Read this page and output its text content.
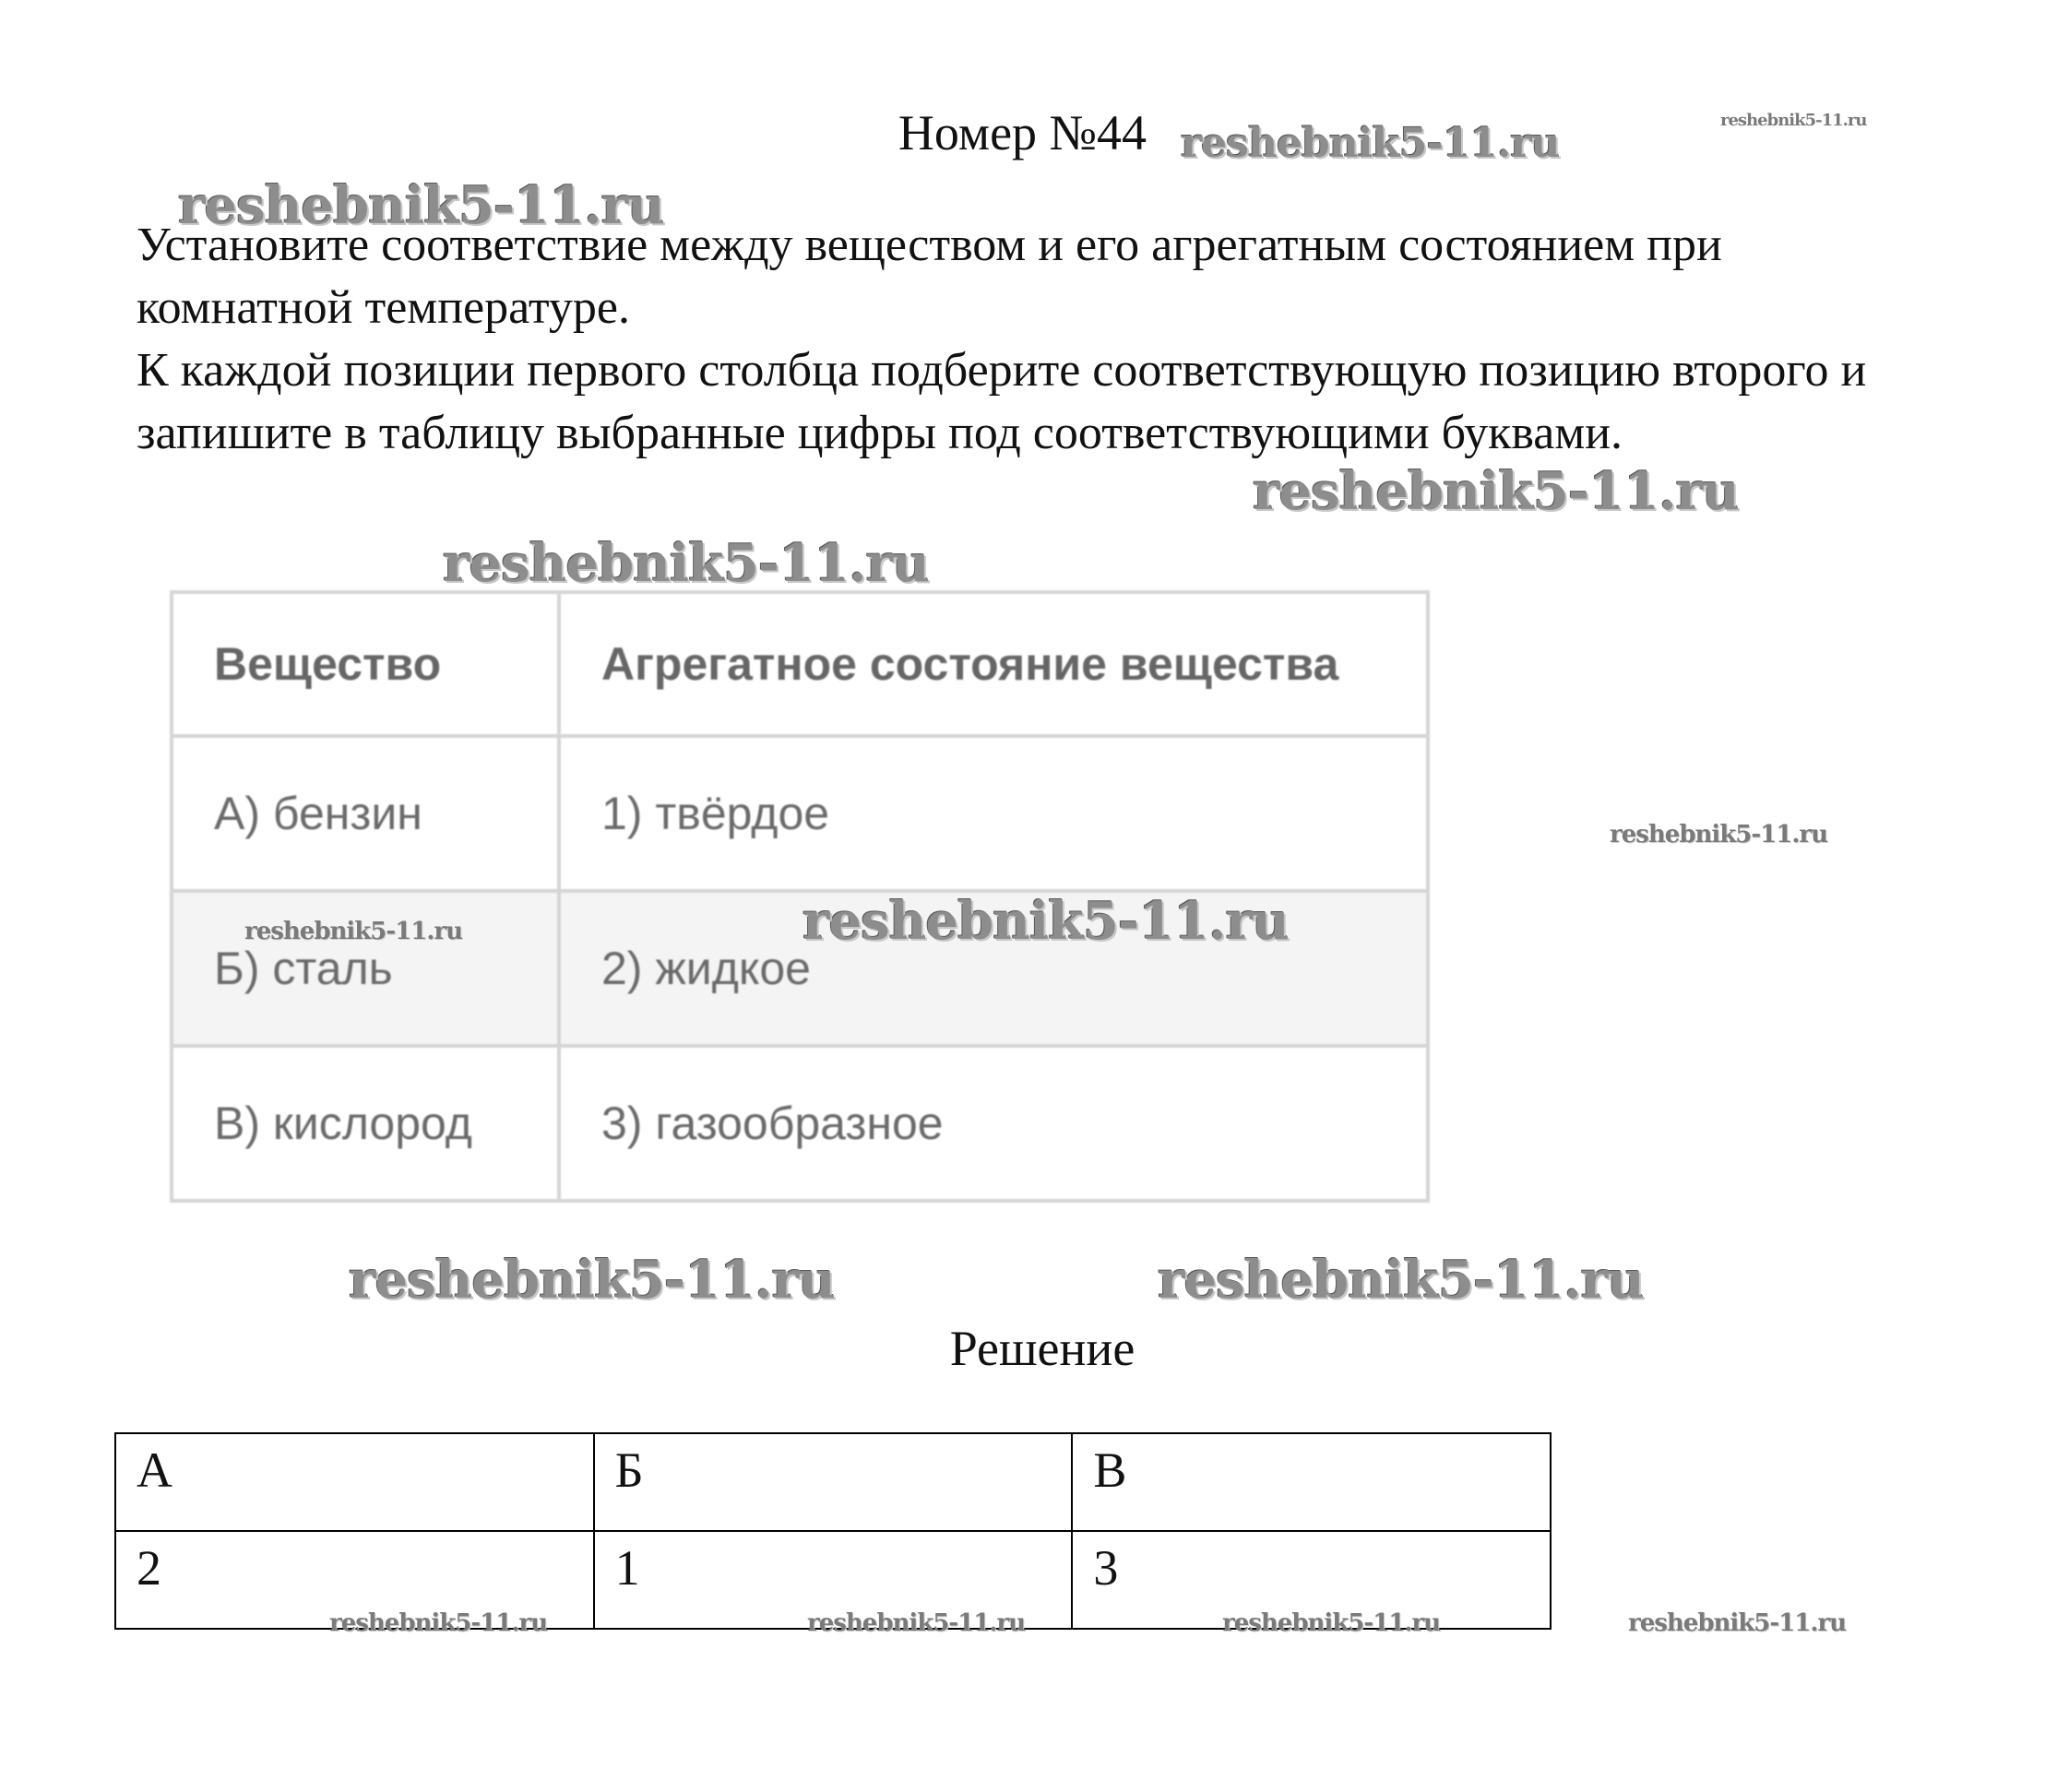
Номер №44

Установите соответствие между веществом и его агрегатным состоянием при комнатной температуре.

К каждой позиции первого столбца подберите соответствующую позицию второго и запишите в таблицу выбранные цифры под соответствующими буквами.

Вещество	Агрегатное состояние вещества
А) бензин	1) твёрдое
Б) сталь	2) жидкое
В) кислород	3) газообразное
Решение
А	Б	В
2	1	3
reshebnik5-11.ru	reshebnik5-11.ru
reshebnik5-11.ru
reshebnik5-11.ru
reshebnik5-11.ru
reshebnik5-11.ru
reshebnik5-11.ru	reshebnik5-11.ru
reshebnik5-11.ru	reshebnik5-11.ru
reshebnik5-11.ru	reshebnik5-11.ru	reshebnik5-11.ru	reshebnik5-11.ru
